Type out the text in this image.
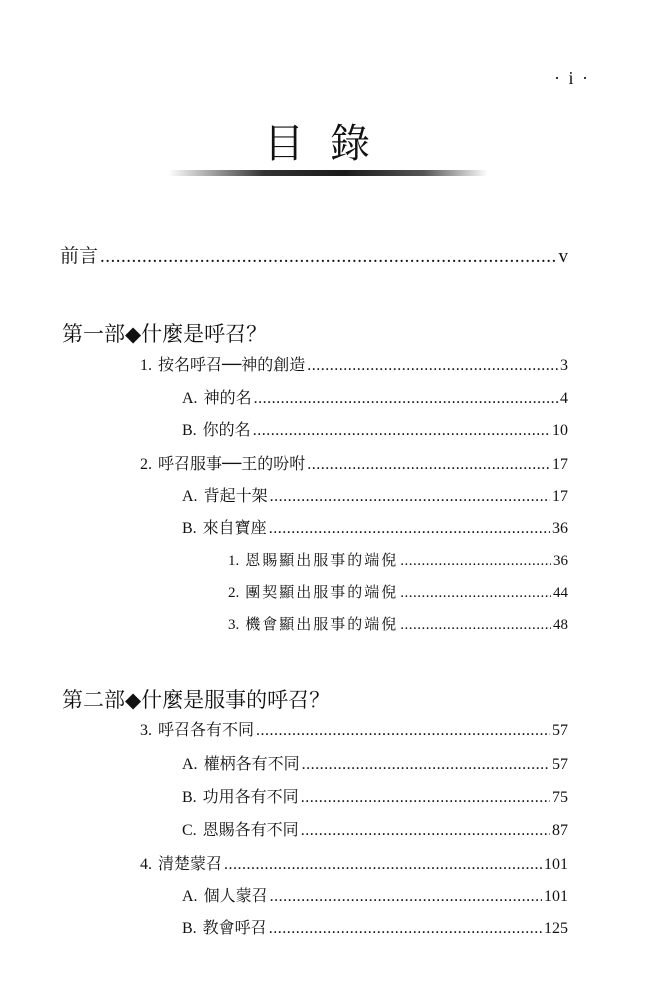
· i ·
目錄
前言 .....	v
第一部◆什麼是呼召？
1. 按名呼召──神的創造 .....	3
A. 神的名 .....	4
B. 你的名 .....	10
2. 呼召服事──王的吩咐 .....	17
A. 背起十架 .....	17
B. 來自寶座 .....	36
1. 恩賜顯出服事的端倪 .....	36
2. 團契顯出服事的端倪 .....	44
3. 機會顯出服事的端倪 .....	48
第二部◆什麼是服事的呼召？
3. 呼召各有不同 .....	57
A. 權柄各有不同 .....	57
B. 功用各有不同 .....	75
C. 恩賜各有不同 .....	87
4. 清楚蒙召 .....	101
A. 個人蒙召 .....	101
B. 教會呼召 .....	125
